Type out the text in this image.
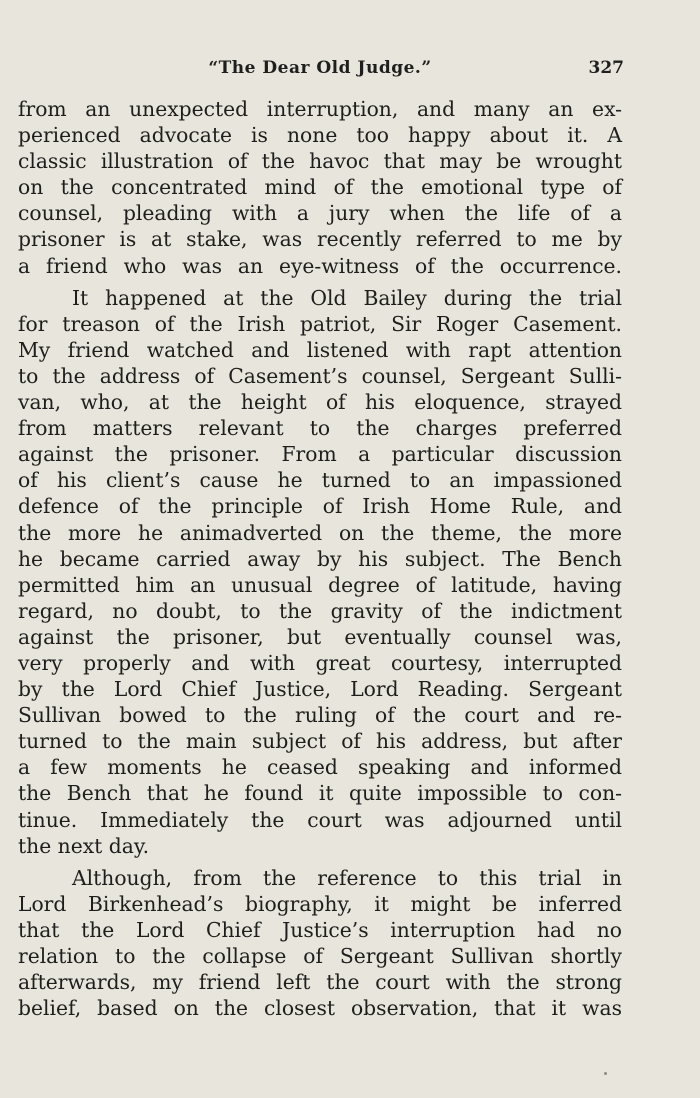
“The Dear Old Judge.”	327
from an unexpected interruption, and many an ex-
perienced advocate is none too happy about it. A
classic illustration of the havoc that may be wrought
on the concentrated mind of the emotional type of
counsel, pleading with a jury when the life of a
prisoner is at stake, was recently referred to me by
a friend who was an eye-witness of the occurrence.
It happened at the Old Bailey during the trial
for treason of the Irish patriot, Sir Roger Casement.
My friend watched and listened with rapt attention
to the address of Casement’s counsel, Sergeant Sulli-
van, who, at the height of his eloquence, strayed
from matters relevant to the charges preferred
against the prisoner. From a particular discussion
of his client’s cause he turned to an impassioned
defence of the principle of Irish Home Rule, and
the more he animadverted on the theme, the more
he became carried away by his subject. The Bench
permitted him an unusual degree of latitude, having
regard, no doubt, to the gravity of the indictment
against the prisoner, but eventually counsel was,
very properly and with great courtesy, interrupted
by the Lord Chief Justice, Lord Reading. Sergeant
Sullivan bowed to the ruling of the court and re-
turned to the main subject of his address, but after
a few moments he ceased speaking and informed
the Bench that he found it quite impossible to con-
tinue. Immediately the court was adjourned until
the next day.
Although, from the reference to this trial in
Lord Birkenhead’s biography, it might be inferred
that the Lord Chief Justice’s interruption had no
relation to the collapse of Sergeant Sullivan shortly
afterwards, my friend left the court with the strong
belief, based on the closest observation, that it was
